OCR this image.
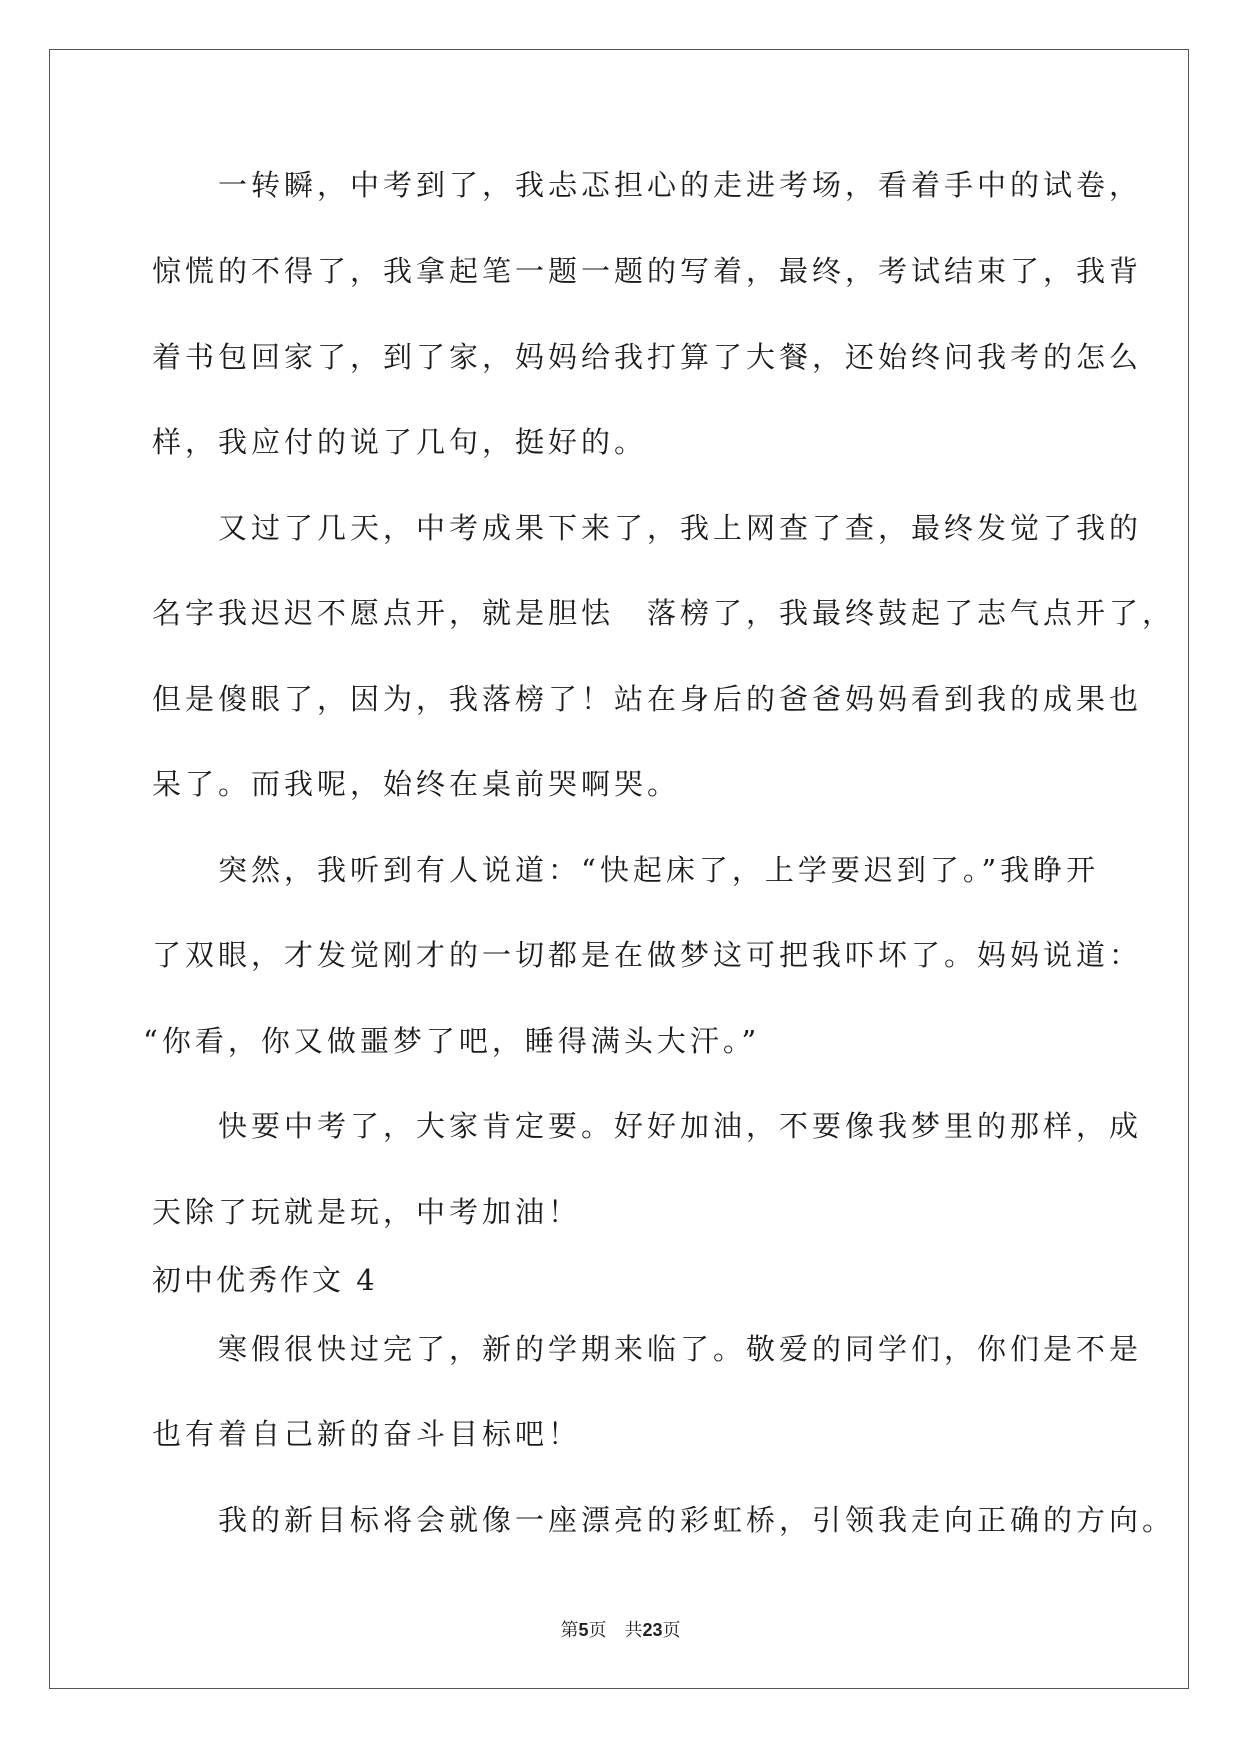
　　一转瞬，中考到了，我忐忑担心的走进考场，看着手中的试卷，
惊慌的不得了，我拿起笔一题一题的写着，最终，考试结束了，我背
着书包回家了，到了家，妈妈给我打算了大餐，还始终问我考的怎么
样，我应付的说了几句，挺好的。
　　又过了几天，中考成果下来了，我上网查了查，最终发觉了我的
名字我迟迟不愿点开，就是胆怯　落榜了，我最终鼓起了志气点开了，
但是傻眼了，因为，我落榜了！站在身后的爸爸妈妈看到我的成果也
呆了。而我呢，始终在桌前哭啊哭。
　　突然，我听到有人说道：“快起床了，上学要迟到了。”我睁开
了双眼，才发觉刚才的一切都是在做梦这可把我吓坏了。妈妈说道：
“你看，你又做噩梦了吧，睡得满头大汗。”
　　快要中考了，大家肯定要。好好加油，不要像我梦里的那样，成
天除了玩就是玩，中考加油！
初中优秀作文 4
　　寒假很快过完了，新的学期来临了。敬爱的同学们，你们是不是
也有着自己新的奋斗目标吧！
　　我的新目标将会就像一座漂亮的彩虹桥，引领我走向正确的方向。
第5页　共23页
